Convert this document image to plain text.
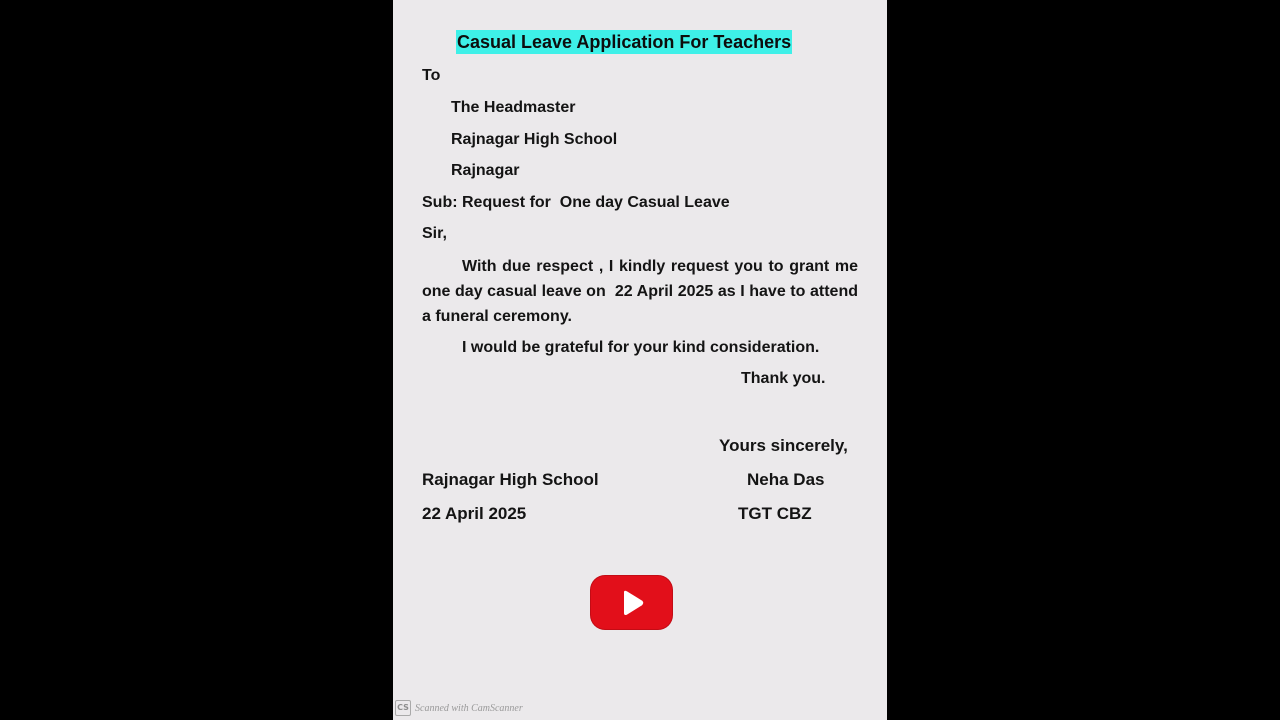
Casual Leave Application For Teachers
To
The Headmaster
Rajnagar High School
Rajnagar
Sub: Request for  One day Casual Leave
Sir,
With due respect , I kindly request you to grant me one day casual leave on  22 April 2025 as I have to attend a funeral ceremony.
I would be grateful for your kind consideration.
Thank you.
Yours sincerely,
Rajnagar High School	Neha Das
22 April 2025	TGT CBZ
CS Scanned with CamScanner
